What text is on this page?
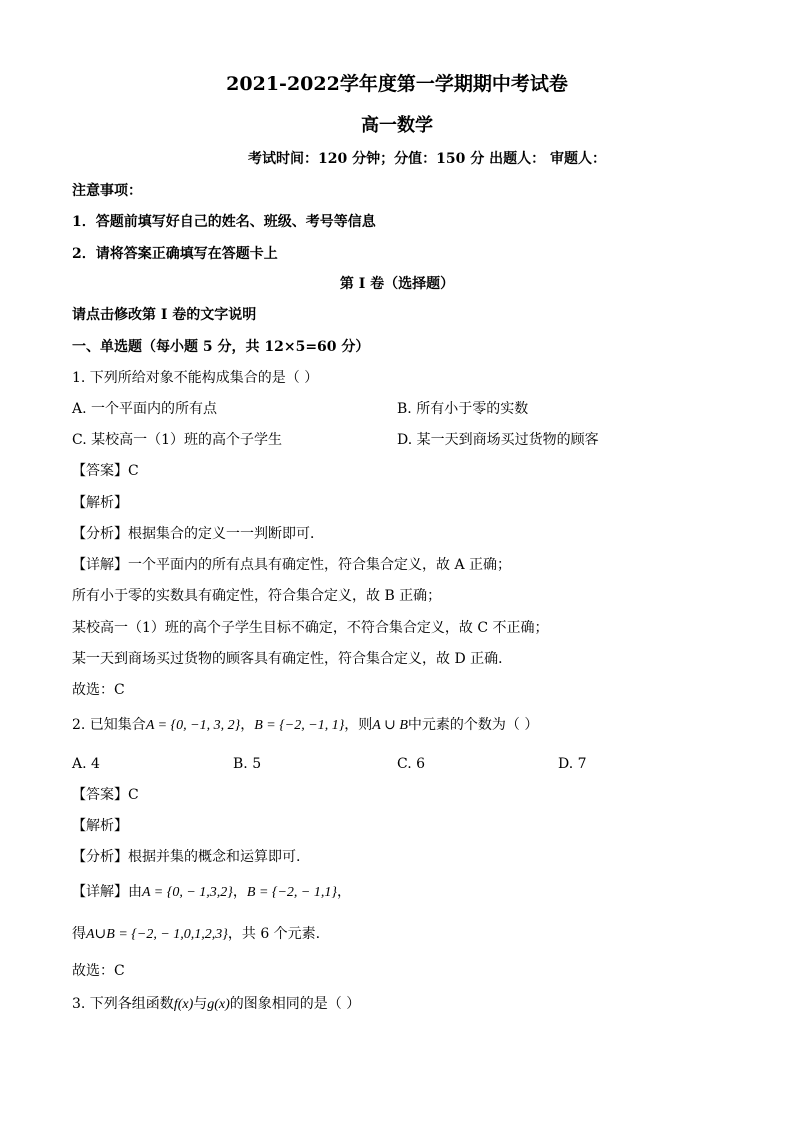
2021-2022学年度第一学期期中考试卷
高一数学
考试时间：120 分钟；分值：150 分 出题人： 审题人：
注意事项：
1．答题前填写好自己的姓名、班级、考号等信息
2．请将答案正确填写在答题卡上
第 I 卷（选择题）
请点击修改第 I 卷的文字说明
一、单选题（每小题 5 分，共 12×5=60 分）
1. 下列所给对象不能构成集合的是（ ）
A. 一个平面内的所有点	B. 所有小于零的实数
C. 某校高一（1）班的高个子学生	D. 某一天到商场买过货物的顾客
【答案】C
【解析】
【分析】根据集合的定义一一判断即可．
【详解】一个平面内的所有点具有确定性，符合集合定义，故 A 正确；
所有小于零的实数具有确定性，符合集合定义，故 B 正确；
某校高一（1）班的高个子学生目标不确定，不符合集合定义，故 C 不正确；
某一天到商场买过货物的顾客具有确定性，符合集合定义，故 D 正确．
故选：C
2. 已知集合A = {0, −1, 3, 2}，B = {−2, −1, 1}，则A ∪ B中元素的个数为（ ）
A. 4	B. 5	C. 6	D. 7
【答案】C
【解析】
【分析】根据并集的概念和运算即可.
【详解】由A = {0, − 1,3,2}，B = {−2, − 1,1}，
得A∪B = {−2, − 1,0,1,2,3}，共 6 个元素.
故选：C
3. 下列各组函数f(x)与g(x)的图象相同的是（ ）
